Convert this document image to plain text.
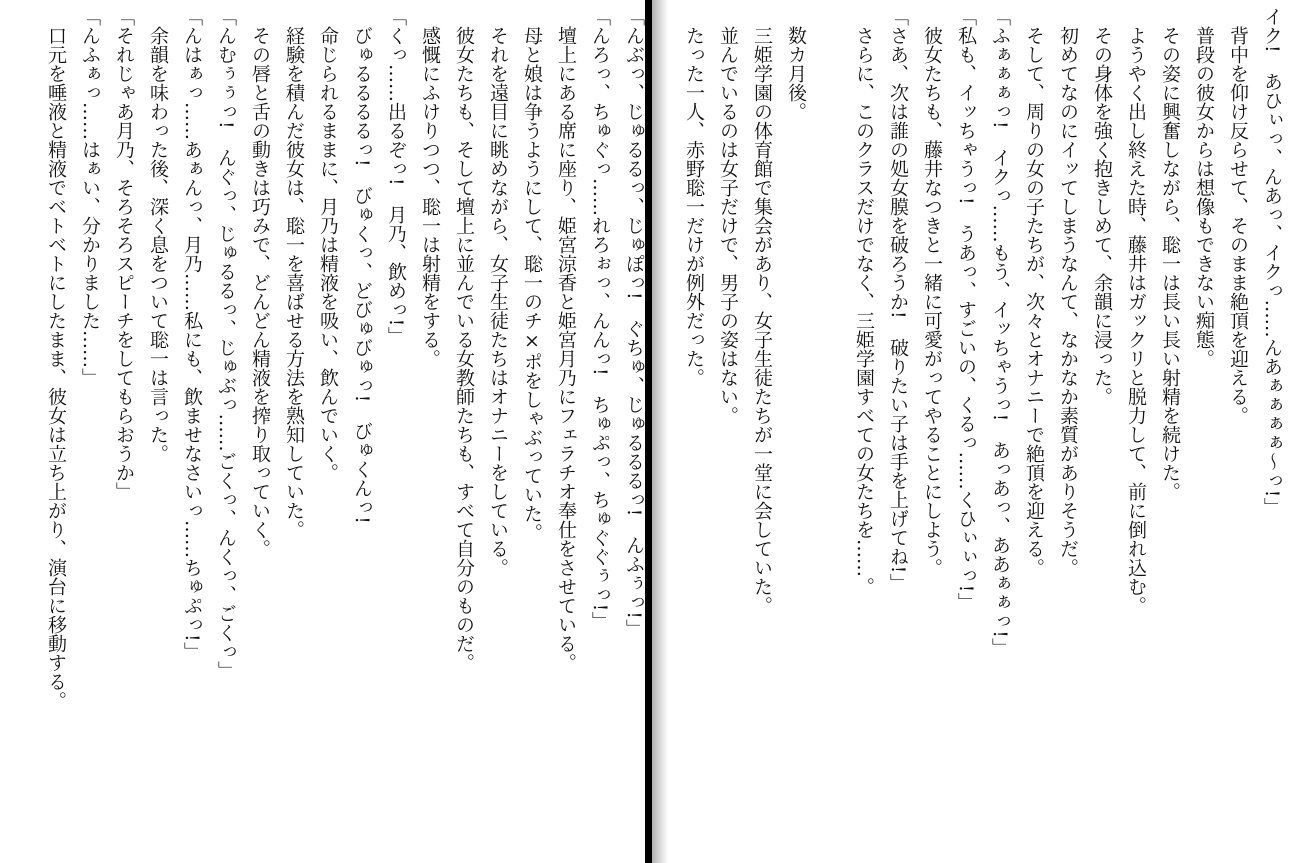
イク!　あひぃっ、んあっ、イクっ……んあぁぁぁぁ〜っ!」

　背中を仰け反らせて、そのまま絶頂を迎える。

　普段の彼女からは想像もできない痴態。

　その姿に興奮しながら、聡一は長い長い射精を続けた。

　ようやく出し終えた時、藤井はガックリと脱力して、前に倒れ込む。

　その身体を強く抱きしめて、余韻に浸った。

　初めてなのにイッてしまうなんて、なかなか素質がありそうだ。

　そして、周りの女の子たちが、次々とオナニーで絶頂を迎える。

「ふぁぁぁっ!　イクっ……もう、イッちゃうっ!　あっあっ、ああぁぁっ!」

「私も、イッちゃうっ!　うあっ、すごいの、くるっ……くひぃぃっ!」

　彼女たちも、藤井なつきと一緒に可愛がってやることにしよう。

「さあ、次は誰の処女膜を破ろうか!　破りたい子は手を上げてね!」

　さらに、このクラスだけでなく、三姫学園すべての女たちを……。

　数カ月後。

　三姫学園の体育館で集会があり、女子生徒たちが一堂に会していた。

　並んでいるのは女子だけで、男子の姿はない。

　たった一人、赤野聡一だけが例外だった。

「んぶっ、じゅるるっ、じゅぽっ!　ぐちゅ、じゅるるるっ!　んふぅっ!」

「んろっ、ちゅぐっ……れろぉっ、んんっ!　ちゅぷっ、ちゅぐぐぅっ!」

　壇上にある席に座り、姫宮涼香と姫宮月乃にフェラチオ奉仕をさせている。

　母と娘は争うようにして、聡一のチ×ポをしゃぶっていた。

　それを遠目に眺めながら、女子生徒たちはオナニーをしている。

　彼女たちも、そして壇上に並んでいる女教師たちも、すべて自分のものだ。

　感慨にふけりつつ、聡一は射精をする。

「くっ……出るぞっ!　月乃、飲めっ!」

　びゅるるるるっ!　びゅくっ、どびゅびゅっ!　びゅくんっ!

　命じられるままに、月乃は精液を吸い、飲んでいく。

　経験を積んだ彼女は、聡一を喜ばせる方法を熟知していた。

　その唇と舌の動きは巧みで、どんどん精液を搾り取っていく。

「んむぅぅっ!　んぐっ、じゅるるっ、じゅぶっ……ごくっ、んくっ、ごくっ」

「んはぁっ……あぁんっ、月乃……私にも、飲ませなさいっ……ちゅぷっ!」

　余韻を味わった後、深く息をついて聡一は言った。

「それじゃあ月乃、そろそろスピーチをしてもらおうか」

「んふぁっ……はぁい、分かりました……」

　口元を唾液と精液でベトベトにしたまま、彼女は立ち上がり、演台に移動する。
